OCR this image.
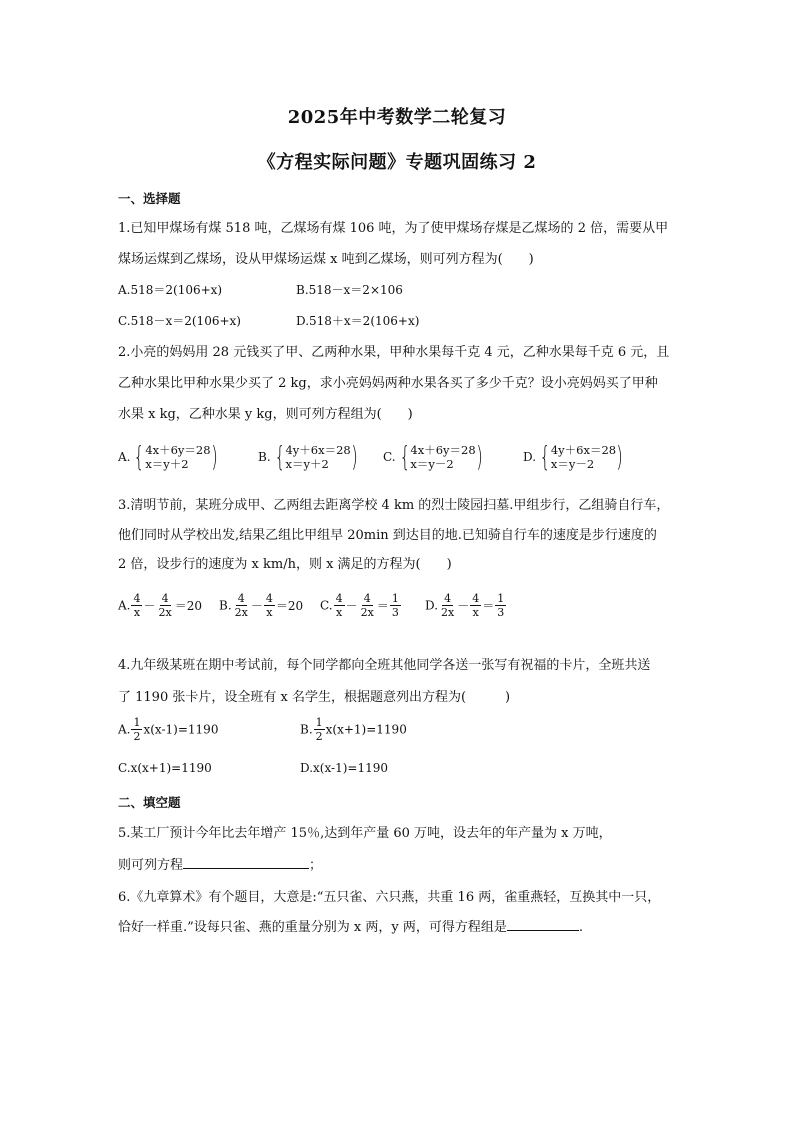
2025年中考数学二轮复习
《方程实际问题》专题巩固练习 2
一、选择题
1.已知甲煤场有煤 518 吨，乙煤场有煤 106 吨，为了使甲煤场存煤是乙煤场的 2 倍，需要从甲
煤场运煤到乙煤场，设从甲煤场运煤 x 吨到乙煤场，则可列方程为(　　)
A.518＝2(106+x)	B.518－x＝2×106
C.518－x＝2(106+x)	D.518＋x＝2(106+x)
2.小亮的妈妈用 28 元钱买了甲、乙两种水果，甲种水果每千克 4 元，乙种水果每千克 6 元，且
乙种水果比甲种水果少买了 2 kg，求小亮妈妈两种水果各买了多少千克？设小亮妈妈买了甲种
水果 x kg，乙种水果 y kg，则可列方程组为(　　)
A. { 4x＋6y＝28
x＝y＋2 )	B. { 4y＋6x＝28
x＝y＋2 ) C. { 4x＋6y＝28
x＝y－2 )	D. { 4y＋6x＝28
x＝y－2 )
3.清明节前，某班分成甲、乙两组去距离学校 4 km 的烈士陵园扫墓.甲组步行，乙组骑自行车，
他们同时从学校出发,结果乙组比甲组早 20min 到达目的地.已知骑自行车的速度是步行速度的
2 倍，设步行的速度为 x km/h，则 x 满足的方程为(　　)
A. $\frac{4}{x} - \frac{4}{2x} =20$ B. $\frac{4}{2x} - \frac{4}{x} =20$ C. $\frac{4}{x} - \frac{4}{2x} = \frac{1}{3} D$. $\frac{4}{2x} - \frac{4}{x} = \frac{1}{3}$
4.九年级某班在期中考试前，每个同学都向全班其他同学各送一张写有祝福的卡片，全班共送
了 1190 张卡片，设全班有 x 名学生，根据题意列出方程为(　　　)
A. $\frac{1}{2} x(x-1)=1190$	B. $\frac{1}{2} x(x+1)=1190$
C.x(x+1)=1190	D.x(x-1)=1190
二、填空题
5.某工厂预计今年比去年增产 15％,达到年产量 60 万吨，设去年的年产量为 x 万吨，
则可列方程	；
6.《九章算术》有个题目，大意是:“五只雀、六只燕，共重 16 两，雀重燕轻，互换其中一只，
恰好一样重.”设每只雀、燕的重量分别为 x 两，y 两，可得方程组是	.
